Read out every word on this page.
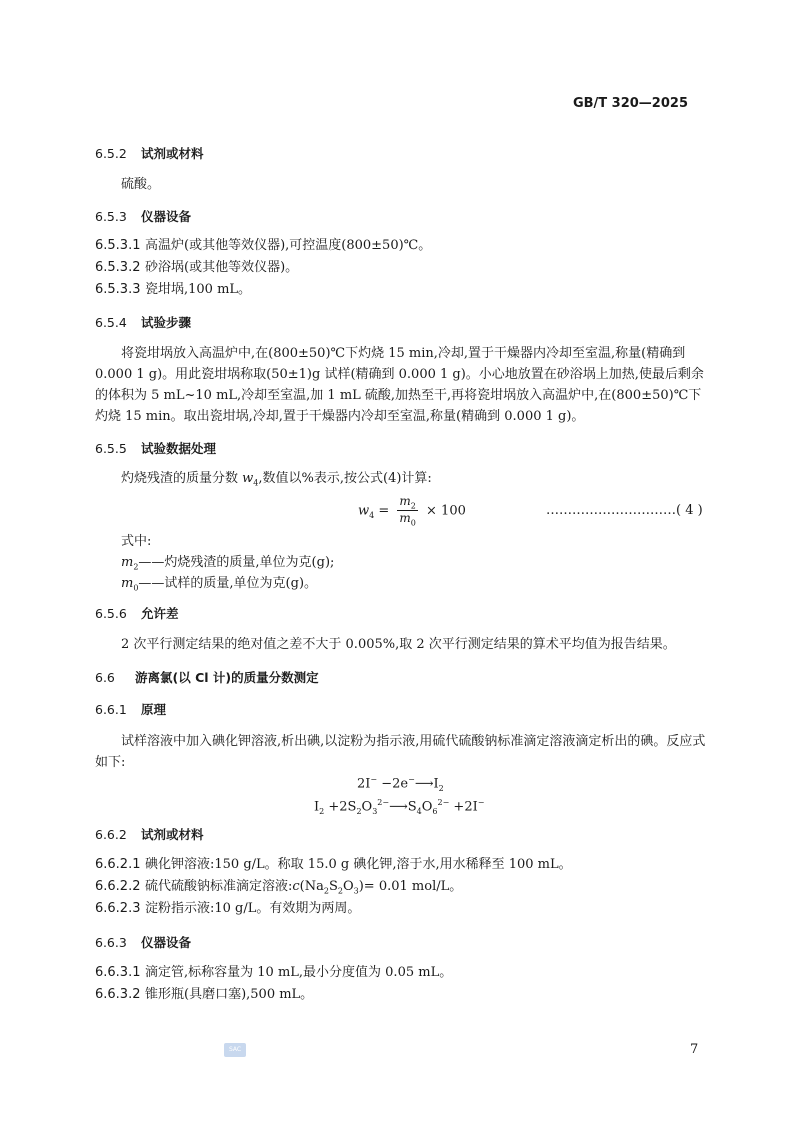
GB/T 320—2025
6.5.2 试剂或材料
硫酸。
6.5.3 仪器设备
6.5.3.1 高温炉(或其他等效仪器),可控温度(800±50)℃。
6.5.3.2 砂浴埚(或其他等效仪器)。
6.5.3.3 瓷坩埚,100 mL。
6.5.4 试验步骤
将瓷坩埚放入高温炉中,在(800±50)℃下灼烧 15 min,冷却,置于干燥器内冷却至室温,称量(精确到 0.000 1 g)。用此瓷坩埚称取(50±1)g 试样(精确到 0.000 1 g)。小心地放置在砂浴埚上加热,使最后剩余的体积为 5 mL~10 mL,冷却至室温,加 1 mL 硫酸,加热至干,再将瓷坩埚放入高温炉中,在(800±50)℃下灼烧 15 min。取出瓷坩埚,冷却,置于干燥器内冷却至室温,称量(精确到 0.000 1 g)。
6.5.5 试验数据处理
灼烧残渣的质量分数 $w_4$,数值以%表示,按公式(4)计算:
$w_4 = \frac{m_2}{m_0} \times 100$	…………………………( 4 )
式中:
$m_2——$灼烧残渣的质量,单位为克(g);
$m_0——$试样的质量,单位为克(g)。
6.5.6 允许差
2 次平行测定结果的绝对值之差不大于 0.005%,取 2 次平行测定结果的算术平均值为报告结果。
6.6 游离氯(以 Cl 计)的质量分数测定
6.6.1 原理
试样溶液中加入碘化钾溶液,析出碘,以淀粉为指示液,用硫代硫酸钠标准滴定溶液滴定析出的碘。反应式如下:
$2I^- -2e^-⟶I_2$
$I_2$ $+2S_2O_3^{2-}⟶S_4O_6^{2-} +2I^-$
6.6.2 试剂或材料
6.6.2.1 碘化钾溶液:150 g/L。称取 15.0 g 碘化钾,溶于水,用水稀释至 100 mL。
6.6.2.2 硫代硫酸钠标准滴定溶液$:c(Na_2S_2O_3)= 0.01$ mol/L。
6.6.2.3 淀粉指示液:10 g/L。有效期为两周。
6.6.3 仪器设备
6.6.3.1 滴定管,标称容量为 10 mL,最小分度值为 0.05 mL。
6.6.3.2 锥形瓶(具磨口塞),500 mL。
SAC	7
